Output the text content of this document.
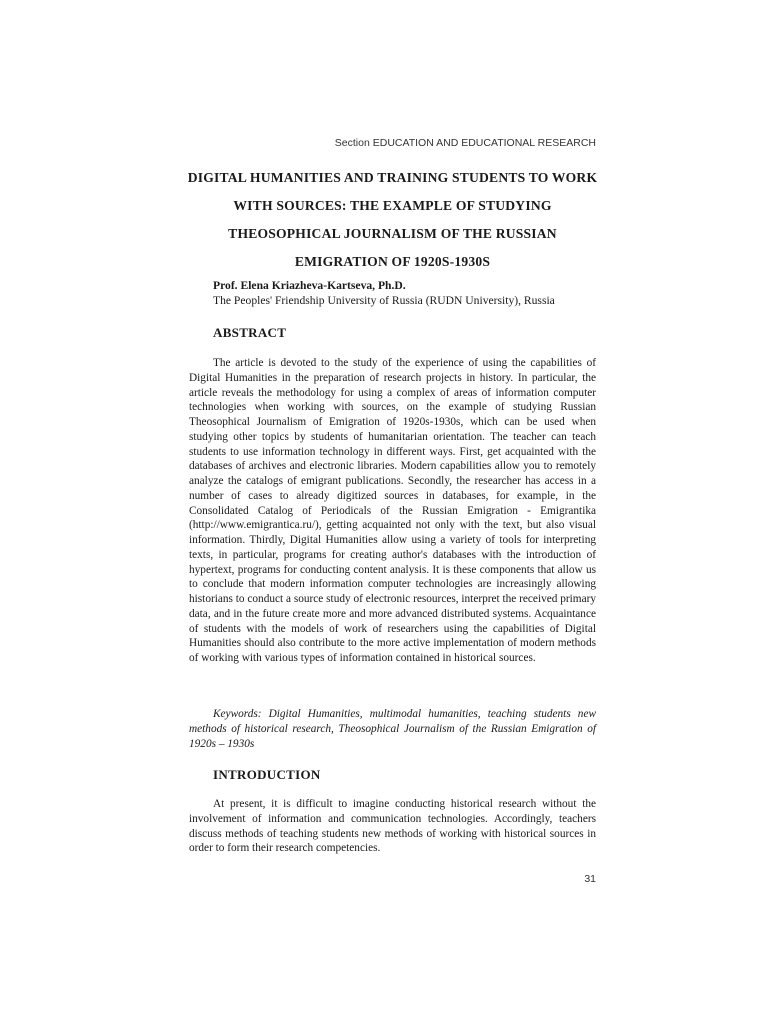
Section EDUCATION AND EDUCATIONAL RESEARCH
DIGITAL HUMANITIES AND TRAINING STUDENTS TO WORK WITH SOURCES: THE EXAMPLE OF STUDYING THEOSOPHICAL JOURNALISM OF THE RUSSIAN EMIGRATION OF 1920S-1930S
Prof. Elena Kriazheva-Kartseva, Ph.D.
The Peoples' Friendship University of Russia (RUDN University), Russia
ABSTRACT

The article is devoted to the study of the experience of using the capabilities of Digital Humanities in the preparation of research projects in history. In particular, the article reveals the methodology for using a complex of areas of information computer technologies when working with sources, on the example of studying Russian Theosophical Journalism of Emigration of 1920s-1930s, which can be used when studying other topics by students of humanitarian orientation. The teacher can teach students to use information technology in different ways. First, get acquainted with the databases of archives and electronic libraries. Modern capabilities allow you to remotely analyze the catalogs of emigrant publications. Secondly, the researcher has access in a number of cases to already digitized sources in databases, for example, in the Consolidated Catalog of Periodicals of the Russian Emigration - Emigrantika (http://www.emigrantica.ru/), getting acquainted not only with the text, but also visual information. Thirdly, Digital Humanities allow using a variety of tools for interpreting texts, in particular, programs for creating author's databases with the introduction of hypertext, programs for conducting content analysis. It is these components that allow us to conclude that modern information computer technologies are increasingly allowing historians to conduct a source study of electronic resources, interpret the received primary data, and in the future create more and more advanced distributed systems. Acquaintance of students with the models of work of researchers using the capabilities of Digital Humanities should also contribute to the more active implementation of modern methods of working with various types of information contained in historical sources.

Keywords: Digital Humanities, multimodal humanities, teaching students new methods of historical research, Theosophical Journalism of the Russian Emigration of 1920s – 1930s

INTRODUCTION

At present, it is difficult to imagine conducting historical research without the involvement of information and communication technologies. Accordingly, teachers discuss methods of teaching students new methods of working with historical sources in order to form their research competencies.

31
